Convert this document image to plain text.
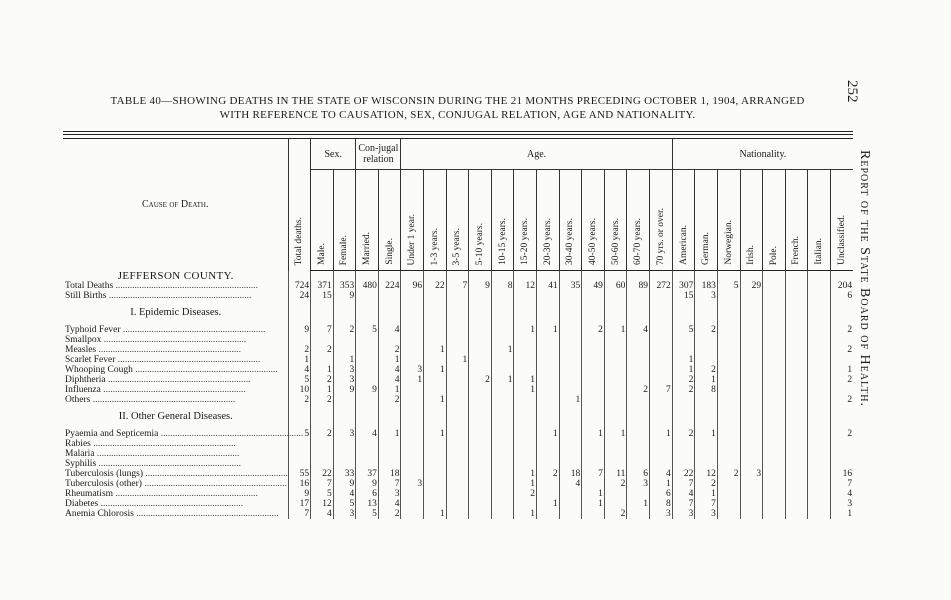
252
Report of the State Board of Health.
TABLE 40—SHOWING DEATHS IN THE STATE OF WISCONSIN DURING THE 21 MONTHS PRECEDING OCTOBER 1, 1904, ARRANGED
WITH REFERENCE TO CAUSATION, SEX, CONJUGAL RELATION, AGE AND NATIONALITY.
Cause of Death.	Total deaths.	Sex.		Con-jugal relation		Age.												Nationality.							
		Male.	Female.	Married.	Single.	Under 1 year.	1-3 years.	3-5 years.	5-10 years.	10-15 years.	15-20 years.	20-30 years.	30-40 years.	40-50 years.	50-60 years.	60-70 years.	70 yrs. or over.	American.	German.	Norwegian.	Irish.	Pole.	French.	Italian.	Unclassified.
JEFFERSON COUNTY.																									
Total Deaths ............................................................	724	371	353	480	224	96	22	7	9	8	12	41	35	49	60	89	272	307	183	5	29				204
Still Births ............................................................	24	15	9															15	3						6
I. Epidemic Diseases.																									
Typhoid Fever ............................................................	9	7	2	5	4						1	1		2	1	4		5	2						2
Smallpox ............................................................																									
Measles ............................................................	2	2			2		1			1															2
Scarlet Fever ............................................................	1		1		1			1										1							
Whooping Cough ............................................................	4	1	3		4	3	1											1	2						1
Diphtheria ............................................................	5	2	3		4	1			2	1	1							2	1						2
Influenza ............................................................	10	1	9	9	1						1					2	7	2	8						
Others ............................................................	2	2			2		1						1												2
II. Other General Diseases.																									
Pyaemia and Septicemia ............................................................	5	2	3	4	1		1					1		1	1		1	2	1						2
Rabies ............................................................																									
Malaria ............................................................																									
Syphilis ............................................................																									
Tuberculosis (lungs) ............................................................	55	22	33	37	18						1	2	18	7	11	6	4	22	12	2	3				16
Tuberculosis (other) ............................................................	16	7	9	9	7	3					1		4		2	3	1	7	2						7
Rheumatism ............................................................	9	5	4	6	3						2			1			6	4	1						4
Diabetes ............................................................	17	12	5	13	4							1		1		1	8	7	7						3
Anemia Chlorosis ............................................................	7	4	3	5	2		1				1				2		3	3	3						1
